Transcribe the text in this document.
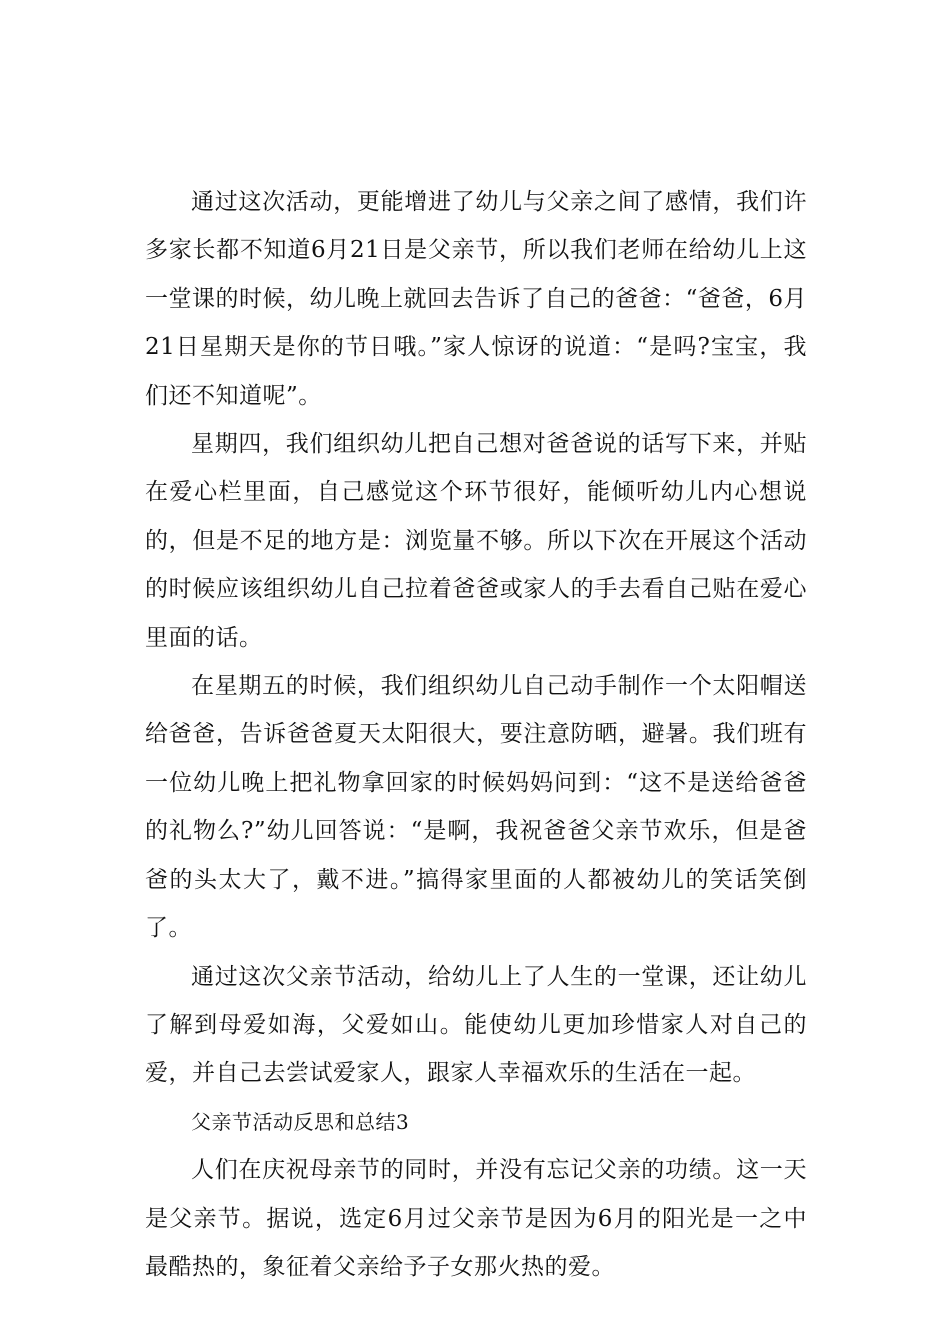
通过这次活动，更能增进了幼儿与父亲之间了感情，我们许多家长都不知道6月21日是父亲节，所以我们老师在给幼儿上这一堂课的时候，幼儿晚上就回去告诉了自己的爸爸：“爸爸，6月21日星期天是你的节日哦。”家人惊讶的说道：“是吗?宝宝，我们还不知道呢”。

星期四，我们组织幼儿把自己想对爸爸说的话写下来，并贴在爱心栏里面，自己感觉这个环节很好，能倾听幼儿内心想说的，但是不足的地方是：浏览量不够。所以下次在开展这个活动的时候应该组织幼儿自己拉着爸爸或家人的手去看自己贴在爱心里面的话。

在星期五的时候，我们组织幼儿自己动手制作一个太阳帽送给爸爸，告诉爸爸夏天太阳很大，要注意防晒，避暑。我们班有一位幼儿晚上把礼物拿回家的时候妈妈问到：“这不是送给爸爸的礼物么?”幼儿回答说：“是啊，我祝爸爸父亲节欢乐，但是爸爸的头太大了，戴不进。”搞得家里面的人都被幼儿的笑话笑倒了。

通过这次父亲节活动，给幼儿上了人生的一堂课，还让幼儿了解到母爱如海，父爱如山。能使幼儿更加珍惜家人对自己的爱，并自己去尝试爱家人，跟家人幸福欢乐的生活在一起。

父亲节活动反思和总结3

人们在庆祝母亲节的同时，并没有忘记父亲的功绩。这一天是父亲节。据说，选定6月过父亲节是因为6月的阳光是一之中最酷热的，象征着父亲给予子女那火热的爱。
